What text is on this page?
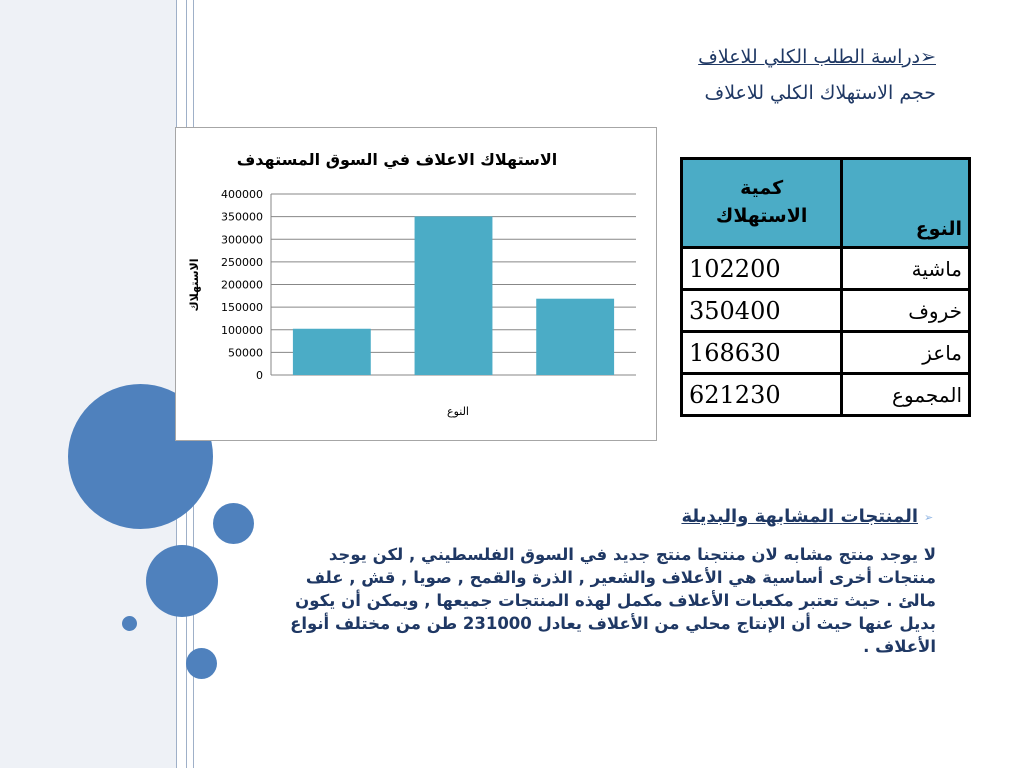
➢دراسة الطلب الكلي للاعلاف
حجم الاستهلاك الكلي للاعلاف
الاستهلاك الاعلاف في السوق المستهدف
النوع
الاستهلاك
0
50000
100000
150000
200000
250000
300000
350000
400000
النوع	كمية
الاستهلاك

ماشية	102200
خروف	350400
ماعز	168630
المجموع	621230
➢
المنتجات المشابهة والبديلة
لا يوجد منتج مشابه لان منتجنا منتج جديد في السوق الفلسطيني , لكن يوجد منتجات أخرى أساسية هي الأعلاف والشعير , الذرة والقمح , صويا , قش , علف مالئ . حيث تعتبر مكعبات الأعلاف مكمل لهذه المنتجات جميعها , ويمكن أن يكون بديل عنها حيث أن الإنتاج محلي من الأعلاف يعادل 231000 طن من مختلف أنواع الأعلاف .
